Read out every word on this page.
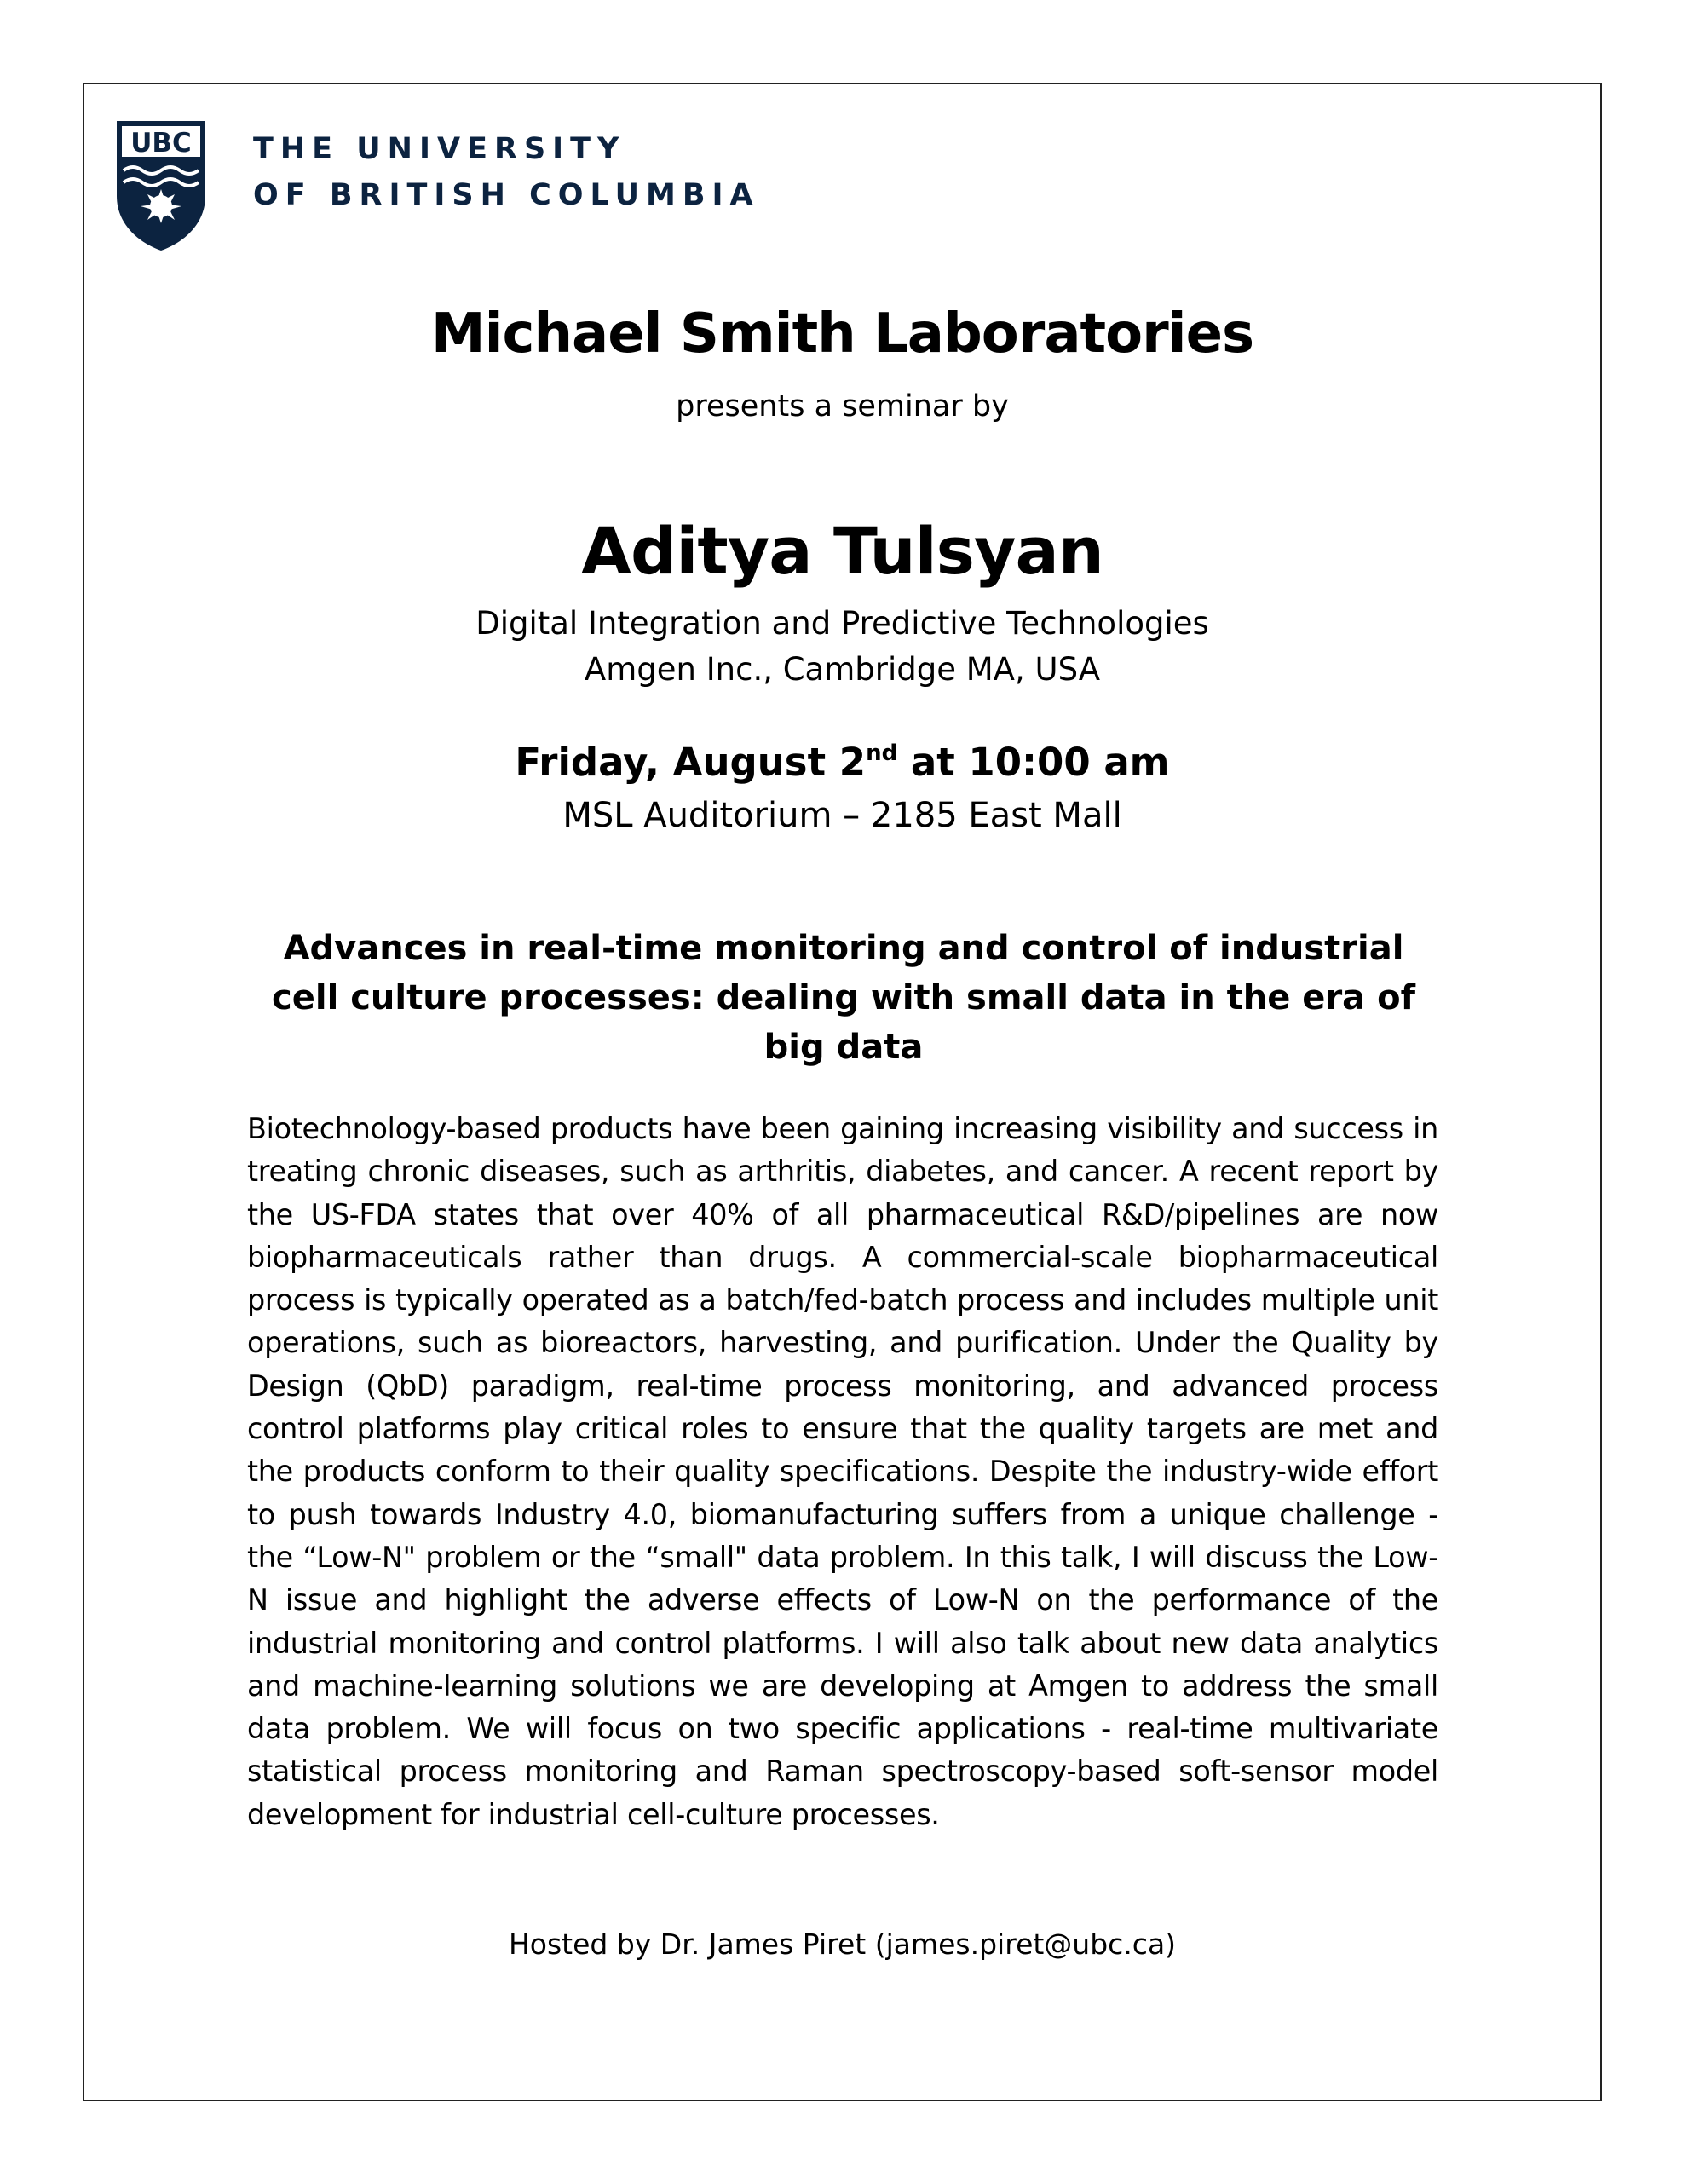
UBC THE UNIVERSITY
OF BRITISH COLUMBIA
Michael Smith Laboratories
presents a seminar by
Aditya Tulsyan
Digital Integration and Predictive Technologies
Amgen Inc., Cambridge MA, USA
Friday, August 2nd at 10:00 am
MSL Auditorium – 2185 East Mall
Advances in real-time monitoring and control of industrial cell culture processes: dealing with small data in the era of big data
Biotechnology-based products have been gaining increasing visibility and success in treating chronic diseases, such as arthritis, diabetes, and cancer. A recent report by the US-FDA states that over 40% of all pharmaceutical R&D/pipelines are now biopharmaceuticals rather than drugs. A commercial-scale biopharmaceutical process is typically operated as a batch/fed-batch process and includes multiple unit operations, such as bioreactors, harvesting, and purification. Under the Quality by Design (QbD) paradigm, real-time process monitoring, and advanced process control platforms play critical roles to ensure that the quality targets are met and the products conform to their quality specifications. Despite the industry-wide effort to push towards Industry 4.0, biomanufacturing suffers from a unique challenge - the “Low-N" problem or the “small" data problem. In this talk, I will discuss the Low-N issue and highlight the adverse effects of Low-N on the performance of the industrial monitoring and control platforms. I will also talk about new data analytics and machine-learning solutions we are developing at Amgen to address the small data problem. We will focus on two specific applications - real-time multivariate statistical process monitoring and Raman spectroscopy-based soft-sensor model development for industrial cell-culture processes.
Hosted by Dr. James Piret (james.piret@ubc.ca)
